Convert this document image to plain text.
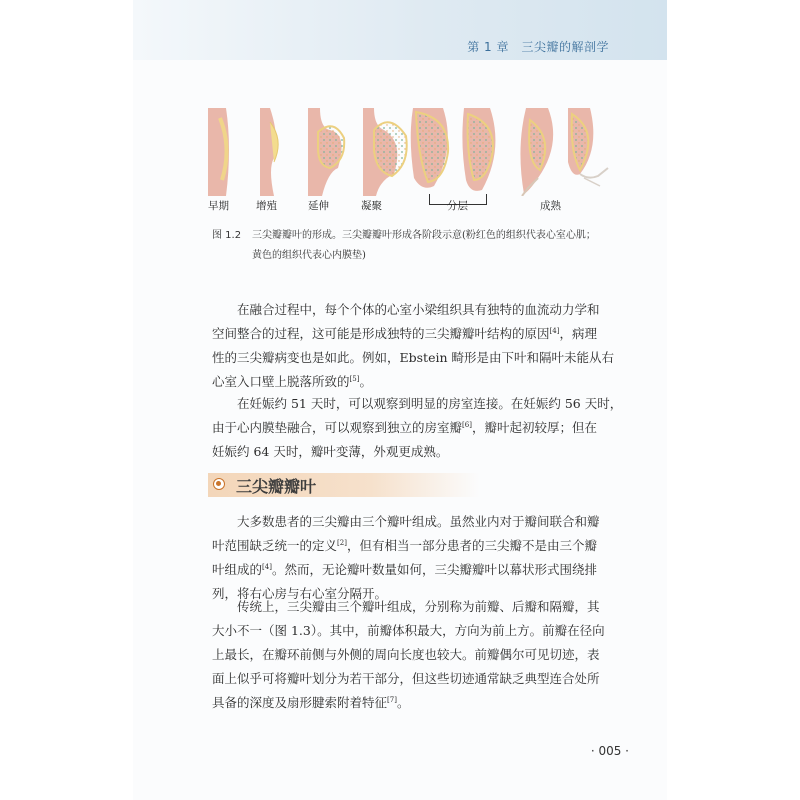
第 1 章　三尖瓣的解剖学
早期	增殖	延伸	凝聚	分层	成熟
图 1.2 三尖瓣瓣叶的形成。三尖瓣瓣叶形成各阶段示意(粉红色的组织代表心室心肌；
黄色的组织代表心内膜垫)

在融合过程中，每个个体的心室小梁组织具有独特的血流动力学和
空间整合的过程，这可能是形成独特的三尖瓣瓣叶结构的原因[4]，病理
性的三尖瓣病变也是如此。例如，Ebstein 畸形是由下叶和隔叶未能从右
心室入口壁上脱落所致的[5]。

在妊娠约 51 天时，可以观察到明显的房室连接。在妊娠约 56 天时，
由于心内膜垫融合，可以观察到独立的房室瓣[6]，瓣叶起初较厚；但在
妊娠约 64 天时，瓣叶变薄，外观更成熟。

三尖瓣瓣叶

大多数患者的三尖瓣由三个瓣叶组成。虽然业内对于瓣间联合和瓣
叶范围缺乏统一的定义[2]，但有相当一部分患者的三尖瓣不是由三个瓣
叶组成的[4]。然而，无论瓣叶数量如何，三尖瓣瓣叶以幕状形式围绕排
列，将右心房与右心室分隔开。

传统上，三尖瓣由三个瓣叶组成，分别称为前瓣、后瓣和隔瓣，其
大小不一（图 1.3）。其中，前瓣体积最大，方向为前上方。前瓣在径向
上最长，在瓣环前侧与外侧的周向长度也较大。前瓣偶尔可见切迹，表
面上似乎可将瓣叶划分为若干部分，但这些切迹通常缺乏典型连合处所
具备的深度及扇形腱索附着特征[7]。

· 005 ·
